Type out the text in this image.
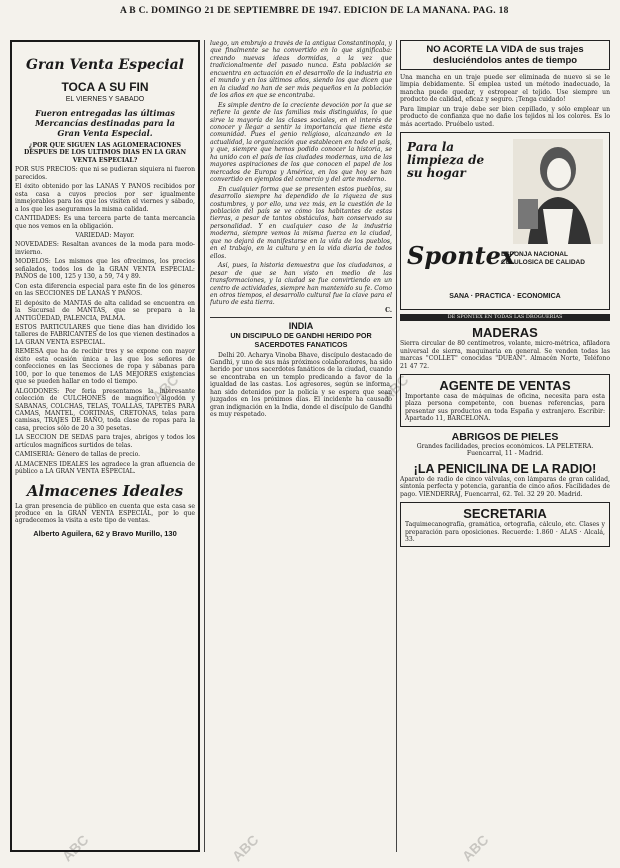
A B C. DOMINGO 21 DE SEPTIEMBRE DE 1947. EDICION DE LA MAÑANA. PAG. 18
Gran Venta Especial
TOCA A SU FIN
EL VIERNES Y SABADO
Fueron entregadas las últimas
Mercancías destinadas para la
Gran Venta Especial.
¿POR QUE SIGUEN LAS AGLOMERACIONES DESPUES DE LOS ULTIMOS DIAS EN LA GRAN VENTA ESPECIAL?
POR SUS PRECIOS: que ni se pudieran siquiera ni fueron parecidos.
El éxito obtenido por las LANAS Y PAÑOS recibidos por esta casa a cuyos precios por ser igualmente inmejorables para los que los visiten el viernes y sábado, a los que les aseguramos la misma calidad.
CANTIDADES: Es una tercera parte de tanta mercancía que nos vemos en la obligación.
VARIEDAD: Mayor.
NOVEDADES: Resaltan avances de la moda para modo-invierno.
MODELOS: Los mismos que les ofrecimos, los precios señalados, todos los de la GRAN VENTA ESPECIAL: PAÑOS de 100, 125 y 130, a 59, 74 y 89.
Con esta diferencia especial para este fin de los géneros en las SECCIONES DE LANAS Y PAÑOS.
El depósito de MANTAS de alta calidad se encuentra en la Sucursal de MANTAS, que se prepara a la ANTIGÜEDAD, PALENCIA, PALMA.
ESTOS PARTICULARES que tiene días han dividido los talleres de FABRICANTES de los que vienen destinados a LA GRAN VENTA ESPECIAL.
REMESA que ha de recibir tres y se expone con mayor éxito esta ocasión única a las que los señores de confecciones en las Secciones de ropa y sábanas para 100, por lo que tenemos de LAS MEJORES existencias que se pueden hallar en todo el tiempo.
ALGODONES: Por feria presentamos la interesante colección de CULCHONES de magnífico algodón y SABANAS, COLCHAS, TELAS, TOALLAS, TAPETES PARA CAMAS, MANTEL, CORTINAS, CRETONAS, telas para camisas, TRAJES DE BAÑO, toda clase de ropas para la casa, precios sólo de 20 a 30 pesetas.
LA SECCION DE SEDAS para trajes, abrigos y todos los artículos magníficos surtidos de telas.
CAMISERIA: Género de tallas de precio.
ALMACENES IDEALES les agradece la gran afluencia de público a LA GRAN VENTA ESPECIAL.
Almacenes Ideales
La gran presencia de público en cuenta que esta casa se produce en la GRAN VENTA ESPECIAL, por lo que agradecemos la visita a este tipo de ventas.
Alberto Aguilera, 62 y Bravo Murillo, 130
luego, un embrujo a través de la antigua Constantinopla, y que finalmente se ha convertido en lo que significaba: creando nuevas ideas dormidas, a la vez que tradicionalmente del pasado nunca. Esta población se encuentra en actuación en el desarrollo de la industria en el mundo y en los últimos años, siendo los que dicen que en la ciudad no han de ser más pequeños en la población de los años en que se encontraba.
Es simple dentro de la creciente devoción por la que se refiere la gente de las familias más distinguidas, lo que sirve la mayoría de las clases sociales, en el interés de conocer y llegar a sentir la importancia que tiene esta comunidad. Pues el genio religioso, alcanzando en la actualidad, la organización que establecen en todo el país, y que, siempre que hemos podido conocer la historia, se ha unido con el país de las ciudades modernas, una de las mayores aspiraciones de los que conocen el papel de los mercados de Europa y América, en los que hoy se han convertido en ejemplos del comercio y del arte moderno.
En cualquier forma que se presenten estos pueblos, su desarrollo siempre ha dependido de la riqueza de sus costumbres, y por ello, una vez más, en la cuestión de la población del país se ve cómo los habitantes de estas tierras, a pesar de tantos obstáculos, han conservado su personalidad. Y en cualquier caso de la industria moderna, siempre vemos la misma fuerza en la ciudad, que no dejará de manifestarse en la vida de los pueblos, en el trabajo, en la cultura y en la vida diaria de todos ellos.
Así, pues, la historia demuestra que los ciudadanos, a pesar de que se han visto en medio de las transformaciones, y la ciudad se fue convirtiendo en un centro de actividades, siempre han mantenido su fe. Como en otros tiempos, el desarrollo cultural fue la clave para el futuro de esta tierra.
C.
INDIA
UN DISCIPULO DE GANDHI HERIDO POR SACERDOTES FANATICOS
Delhi 20. Acharya Vinoba Bhave, discípulo destacado de Gandhi, y uno de sus más próximos colaboradores, ha sido herido por unos sacerdotes fanáticos de la ciudad, cuando se encontraba en un templo predicando a favor de la igualdad de las castas. Los agresores, según se informa, han sido detenidos por la policía y se espera que sean juzgados en los próximos días. El incidente ha causado gran indignación en la India, donde el discípulo de Gandhi es muy respetado.
NO ACORTE LA VIDA de sus trajes desluciéndolos antes de tiempo
Una mancha en un traje puede ser eliminada de nuevo si se le limpia debidamente. Si emplea usted un método inadecuado, la mancha puede quedar, y estropear el tejido. Use siempre un producto de calidad, eficaz y seguro. ¡Tenga cuidado!
Para limpiar un traje debe ser bien cepillado, y sólo emplear un producto de confianza que no dañe los tejidos ni los colores. Es lo más acertado. Pruébelo usted.
Para la limpieza de su hogar
Spontex
ESPONJA NACIONAL CELULOSICA DE CALIDAD
SANA · PRACTICA · ECONOMICA
DE SPONTEX EN TODAS LAS DROGUERIAS
MADERAS
Sierra circular de 80 centímetros, volante, micro-métrica, afiladora universal de sierra, maquinaria en general. Se venden todas las marcas "COLLET" conocidas "DUEAN". Almacén Norte, Teléfono 21 47 72.
AGENTE DE VENTAS
Importante casa de máquinas de oficina, necesita para esta plaza persona competente, con buenas referencias, para presentar sus productos en toda España y extranjero. Escribir: Apartado 11, BARCELONA.
ABRIGOS DE PIELES
Grandes facilidades, precios económicos. LA PELETERA. Fuencarral, 11 - Madrid.
¡LA PENICILINA DE LA RADIO!
Aparato de radio de cinco válvulas, con lámparas de gran calidad, sintonía perfecta y potencia, garantía de cinco años. Facilidades de pago. VIENDERRAJ, Fuencarral, 62. Tel. 32 29 20. Madrid.
SECRETARIA
Taquimecanografía, gramática, ortografía, cálculo, etc. Clases y preparación para oposiciones. Recuerde: 1.860 · ALAS · Alcalá, 33.
ABC	ABC
ABC	ABC	ABC
